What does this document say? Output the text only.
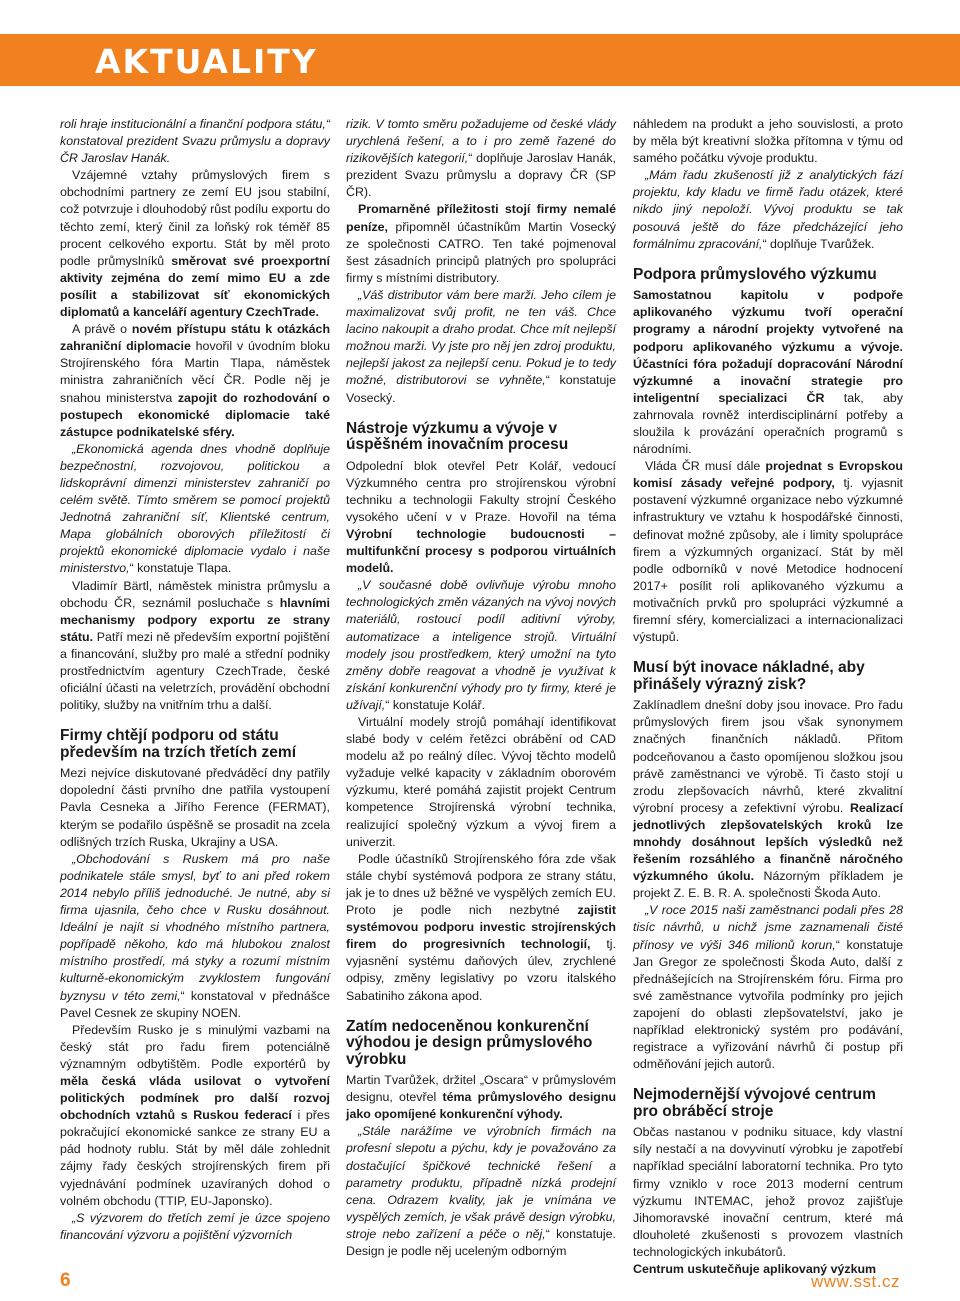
AKTUALITY

roli hraje institucionální a finanční podpora státu,“ konstatoval prezident Svazu průmyslu a dopravy ČR Jaroslav Hanák.

Vzájemné vztahy průmyslových firem s obchodními partnery ze zemí EU jsou stabilní, což potvrzuje i dlouhodobý růst podílu exportu do těchto zemí, který činil za loňský rok téměř 85 procent celkového exportu. Stát by měl proto podle průmyslníků směrovat své proexportní aktivity zejména do zemí mimo EU a zde posílit a stabilizovat síť ekonomických diplomatů a kanceláří agentury CzechTrade.

A právě o novém přístupu státu k otázkách zahraniční diplomacie hovořil v úvodním bloku Strojírenského fóra Martin Tlapa, náměstek ministra zahraničních věcí ČR. Podle něj je snahou ministerstva zapojit do rozhodování o postupech ekonomické diplomacie také zástupce podnikatelské sféry.

„Ekonomická agenda dnes vhodně doplňuje bezpečnostní, rozvojovou, politickou a lidskoprávní dimenzi ministerstev zahraničí po celém světě. Tímto směrem se pomocí projektů Jednotná zahraniční síť, Klientské centrum, Mapa globálních oborových příležitostí či projektů ekonomické diplomacie vydalo i naše ministerstvo,“ konstatuje Tlapa.

Vladimír Bärtl, náměstek ministra průmyslu a obchodu ČR, seznámil posluchače s hlavními mechanismy podpory exportu ze strany státu. Patří mezi ně především exportní pojištění a financování, služby pro malé a střední podniky prostřednictvím agentury CzechTrade, české oficiální účasti na veletrzích, provádění obchodní politiky, služby na vnitřním trhu a další.

Firmy chtějí podporu od státu především na trzích třetích zemí

Mezi nejvíce diskutované předváděcí dny patřily dopolední části prvního dne patřila vystoupení Pavla Cesneka a Jiřího Ference (FERMAT), kterým se podařilo úspěšně se prosadit na zcela odlišných trzích Ruska, Ukrajiny a USA.

„Obchodování s Ruskem má pro naše podnikatele stále smysl, byť to ani před rokem 2014 nebylo příliš jednoduché. Je nutné, aby si firma ujasnila, čeho chce v Rusku dosáhnout. Ideální je najít si vhodného místního partnera, popřípadě někoho, kdo má hlubokou znalost místního prostředí, má styky a rozumí místním kulturně-ekonomickým zvyklostem fungování byznysu v této zemi,“ konstatoval v přednášce Pavel Cesnek ze skupiny NOEN.

Především Rusko je s minulými vazbami na český stát pro řadu firem potenciálně významným odbytištěm. Podle exportérů by měla česká vláda usilovat o vytvoření politických podmínek pro další rozvoj obchodních vztahů s Ruskou federací i přes pokračující ekonomické sankce ze strany EU a pád hodnoty rublu. Stát by měl dále zohlednit zájmy řady českých strojírenských firem při vyjednávání podmínek uzavíraných dohod o volném obchodu (TTIP, EU-Japonsko).

„S výzvorem do třetích zemí je úzce spojeno financování výzvoru a pojištění výzvorních

rizik. V tomto směru požadujeme od české vlády urychlená řešení, a to i pro země řazené do rizikovějších kategorií,“ doplňuje Jaroslav Hanák, prezident Svazu průmyslu a dopravy ČR (SP ČR).

Promarněné příležitosti stojí firmy nemalé peníze, připomněl účastníkům Martin Vosecký ze společnosti CATRO. Ten také pojmenoval šest zásadních principů platných pro spolupráci firmy s místními distributory.

„Váš distributor vám bere marži. Jeho cílem je maximalizovat svůj profit, ne ten váš. Chce lacino nakoupit a draho prodat. Chce mít nejlepší možnou marži. Vy jste pro něj jen zdroj produktu, nejlepší jakost za nejlepší cenu. Pokud je to tedy možné, distributorovi se vyhněte,“ konstatuje Vosecký.

Nástroje výzkumu a vývoje v úspěšném inovačním procesu

Odpolední blok otevřel Petr Kolář, vedoucí Výzkumného centra pro strojírenskou výrobní techniku a technologii Fakulty strojní Českého vysokého učení v v Praze. Hovořil na téma Výrobní technologie budoucnosti – multifunkční procesy s podporou virtuálních modelů.

„V současné době ovlivňuje výrobu mnoho technologických změn vázaných na vývoj nových materiálů, rostoucí podíl aditivní výroby, automatizace a inteligence strojů. Virtuální modely jsou prostředkem, který umožní na tyto změny dobře reagovat a vhodně je využívat k získání konkurenční výhody pro ty firmy, které je užívají,“ konstatuje Kolář.

Virtuální modely strojů pomáhají identifikovat slabé body v celém řetězci obrábění od CAD modelu až po reálný dílec. Vývoj těchto modelů vyžaduje velké kapacity v základním oborovém výzkumu, které pomáhá zajistit projekt Centrum kompetence Strojírenská výrobní technika, realizující společný výzkum a vývoj firem a univerzit.

Podle účastníků Strojírenského fóra zde však stále chybí systémová podpora ze strany státu, jak je to dnes už běžné ve vyspělých zemích EU. Proto je podle nich nezbytné zajistit systémovou podporu investic strojírenských firem do progresivních technologií, tj. vyjasnění systému daňových úlev, zrychlené odpisy, změny legislativy po vzoru italského Sabatiniho zákona apod.

Zatím nedoceněnou konkurenční výhodou je design průmyslového výrobku

Martin Tvarůžek, držitel „Oscara“ v průmyslovém designu, otevřel téma průmyslového designu jako opomíjené konkurenční výhody.

„Stále narážíme ve výrobních firmách na profesní slepotu a pýchu, kdy je považováno za dostačující špičkové technické řešení a parametry produktu, případně nízká prodejní cena. Odrazem kvality, jak je vnímána ve vyspělých zemích, je však právě design výrobku, stroje nebo zařízení a péče o něj,“ konstatuje. Design je podle něj uceleným odborným

náhledem na produkt a jeho souvislosti, a proto by měla být kreativní složka přítomna v týmu od samého počátku vývoje produktu.

„Mám řadu zkušeností již z analytických fází projektu, kdy kladu ve firmě řadu otázek, které nikdo jiný nepoloží. Vývoj produktu se tak posouvá ještě do fáze předcházející jeho formálnímu zpracování,“ doplňuje Tvarůžek.

Podpora průmyslového výzkumu

Samostatnou kapitolu v podpoře aplikovaného výzkumu tvoří operační programy a národní projekty vytvořené na podporu aplikovaného výzkumu a vývoje. Účastníci fóra požadují dopracování Národní výzkumné a inovační strategie pro inteligentní specializaci ČR tak, aby zahrnovala rovněž interdisciplinární potřeby a sloužila k provázání operačních programů s národními.

Vláda ČR musí dále projednat s Evropskou komisí zásady veřejné podpory, tj. vyjasnit postavení výzkumné organizace nebo výzkumné infrastruktury ve vztahu k hospodářské činnosti, definovat možné způsoby, ale i limity spolupráce firem a výzkumných organizací. Stát by měl podle odborníků v nové Metodice hodnocení 2017+ posílit roli aplikovaného výzkumu a motivačních prvků pro spolupráci výzkumné a firemní sféry, komercializaci a internacionalizaci výstupů.

Musí být inovace nákladné, aby přinášely výrazný zisk?

Zaklínadlem dnešní doby jsou inovace. Pro řadu průmyslových firem jsou však synonymem značných finančních nákladů. Přitom podceňovanou a často opomíjenou složkou jsou právě zaměstnanci ve výrobě. Ti často stojí u zrodu zlepšovacích návrhů, které zkvalitní výrobní procesy a zefektivní výrobu. Realizací jednotlivých zlepšovatelských kroků lze mnohdy dosáhnout lepších výsledků než řešením rozsáhlého a finančně náročného výzkumného úkolu. Názorným příkladem je projekt Z. E. B. R. A. společnosti Škoda Auto.

„V roce 2015 naši zaměstnanci podali přes 28 tisíc návrhů, u nichž jsme zaznamenali čisté přínosy ve výši 346 milionů korun,“ konstatuje Jan Gregor ze společnosti Škoda Auto, další z přednášejících na Strojírenském fóru. Firma pro své zaměstnance vytvořila podmínky pro jejich zapojení do oblasti zlepšovatelství, jako je například elektronický systém pro podávání, registrace a vyřizování návrhů či postup při odměňování jejich autorů.

Nejmodernější vývojové centrum pro obráběcí stroje

Občas nastanou v podniku situace, kdy vlastní síly nestačí a na dovyvinutí výrobku je zapotřebí například speciální laboratorní technika. Pro tyto firmy vzniklo v roce 2013 moderní centrum výzkumu INTEMAC, jehož provoz zajišťuje Jihomoravské inovační centrum, které má dlouholeté zkušenosti s provozem vlastních technologických inkubátorů.

Centrum uskutečňuje aplikovaný výzkum

6	www.sst.cz
